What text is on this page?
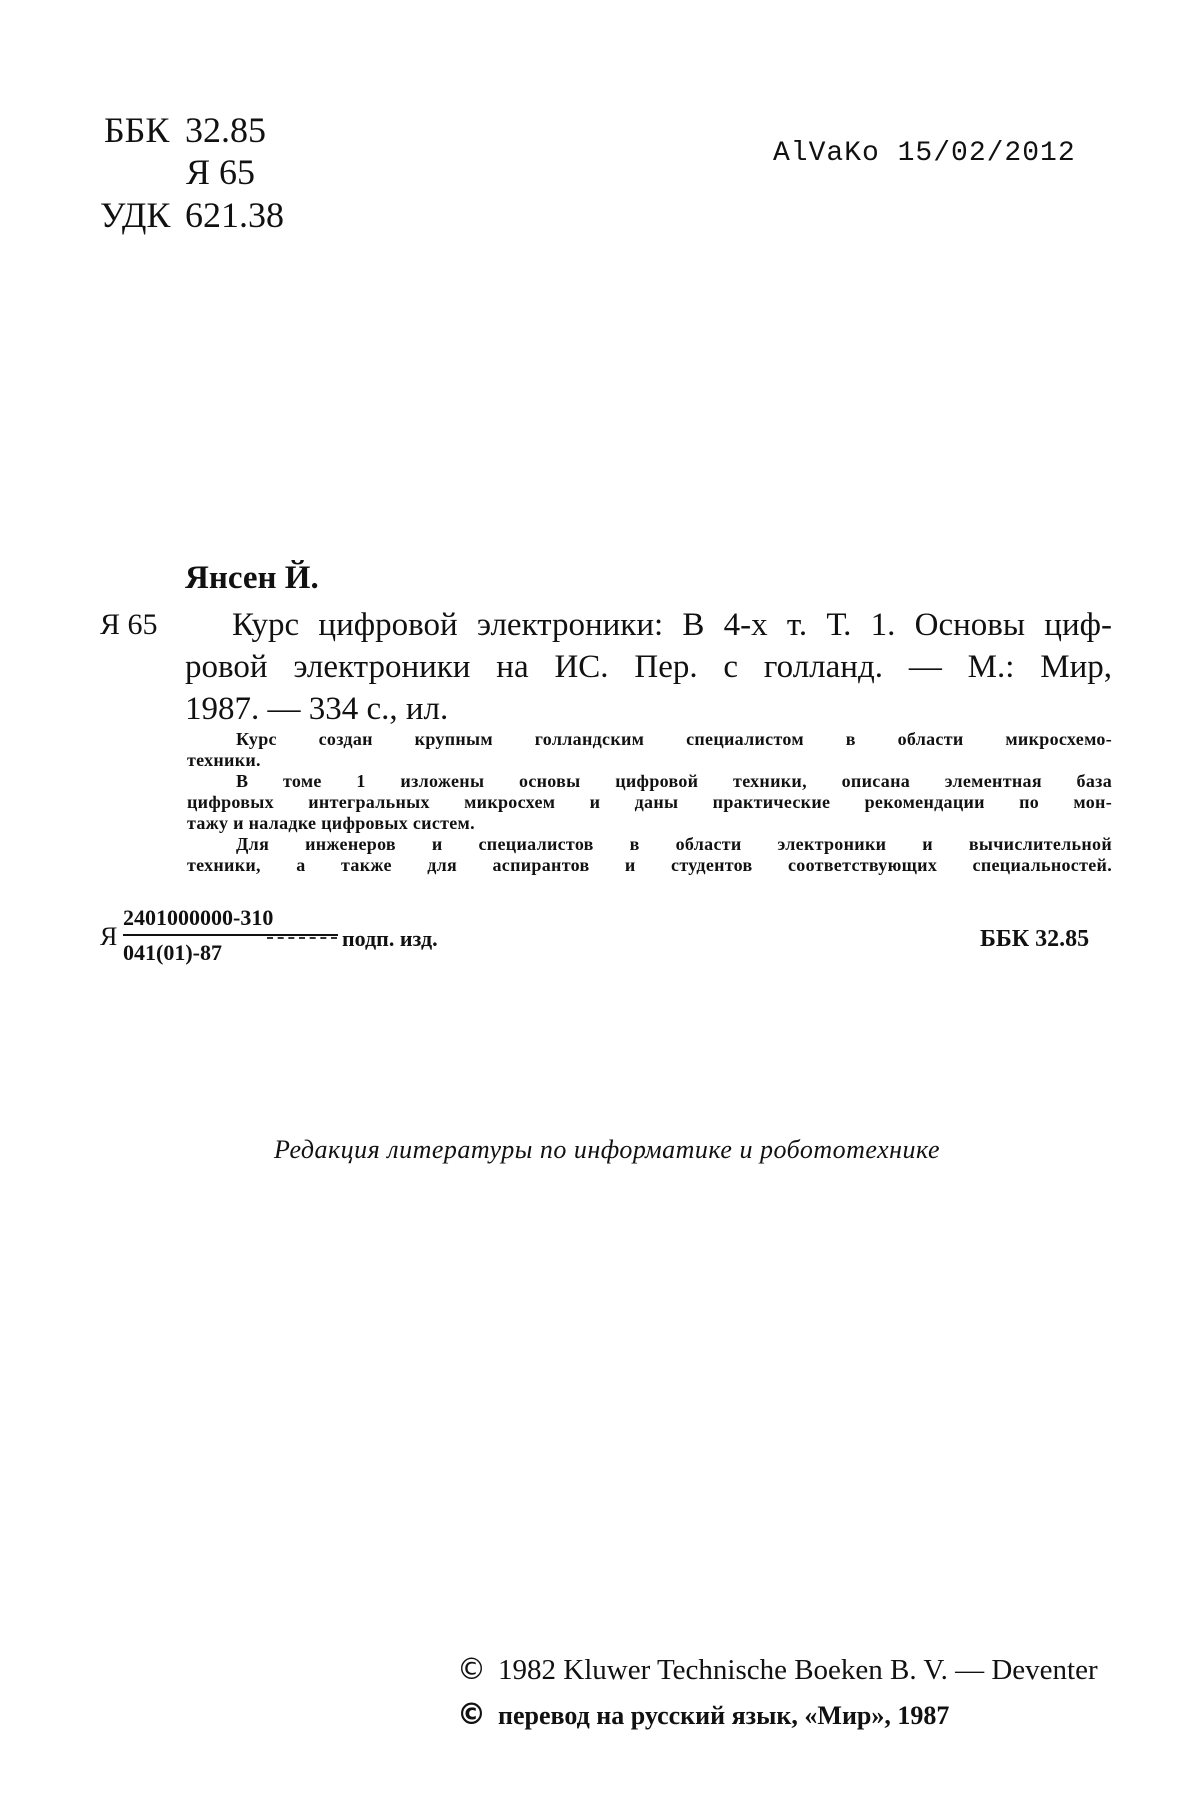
ББК 32.85
Я 65
УДК 621.38
AlVaKo 15/02/2012
Янсен Й.
Я 65 Курс цифровой электроники: В 4-х т. Т. 1. Основы циф-
ровой электроники на ИС. Пер. с голланд. — М.: Мир,
1987. — 334 с., ил.
Курс создан крупным голландским специалистом в области микросхемо-
техники.
В томе 1 изложены основы цифровой техники, описана элементная база
цифровых интегральных микросхем и даны практические рекомендации по мон-
тажу и наладке цифровых систем.
Для инженеров и специалистов в области электроники и вычислительной
техники, а также для аспирантов и студентов соответствующих специальностей.
Я
2401000000-310
041(01)-87
подп. изд.	ББК 32.85
Редакция литературы по информатике и робототехнике
© 1982 Kluwer Technische Boeken B. V. — Deventer
© перевод на русский язык, «Мир», 1987
